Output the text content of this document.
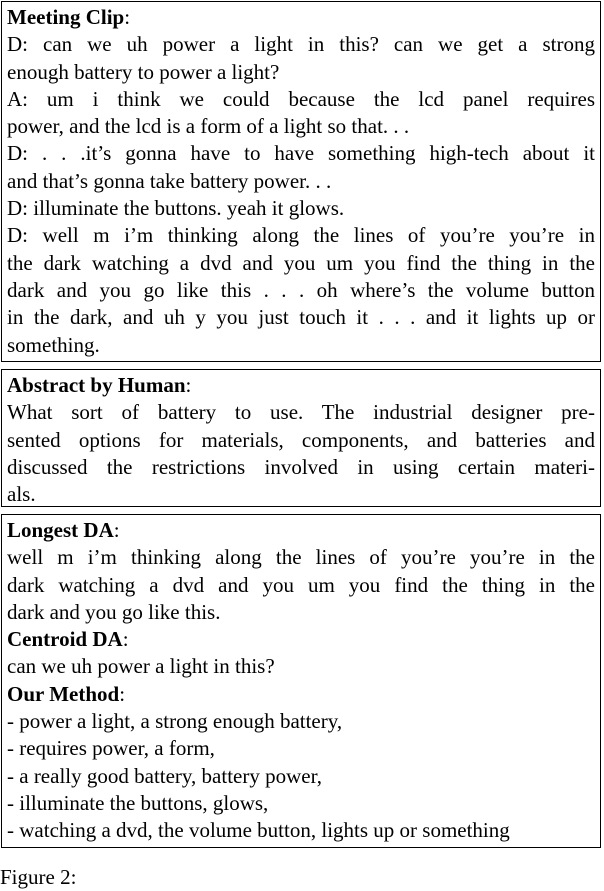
Meeting Clip:
D: can we uh power a light in this? can we get a strong
enough battery to power a light?
A: um i think we could because the lcd panel requires
power, and the lcd is a form of a light so that. . .
D: . . .it’s gonna have to have something high-tech about it
and that’s gonna take battery power. . .
D: illuminate the buttons. yeah it glows.
D: well m i’m thinking along the lines of you’re you’re in
the dark watching a dvd and you um you find the thing in the
dark and you go like this . . . oh where’s the volume button
in the dark, and uh y you just touch it . . . and it lights up or
something.
Abstract by Human:
What sort of battery to use. The industrial designer pre-
sented options for materials, components, and batteries and
discussed the restrictions involved in using certain materi-
als.
Longest DA:
well m i’m thinking along the lines of you’re you’re in the
dark watching a dvd and you um you find the thing in the
dark and you go like this.
Centroid DA:
can we uh power a light in this?
Our Method:
- power a light, a strong enough battery,
- requires power, a form,
- a really good battery, battery power,
- illuminate the buttons, glows,
- watching a dvd, the volume button, lights up or something
Figure 2:
